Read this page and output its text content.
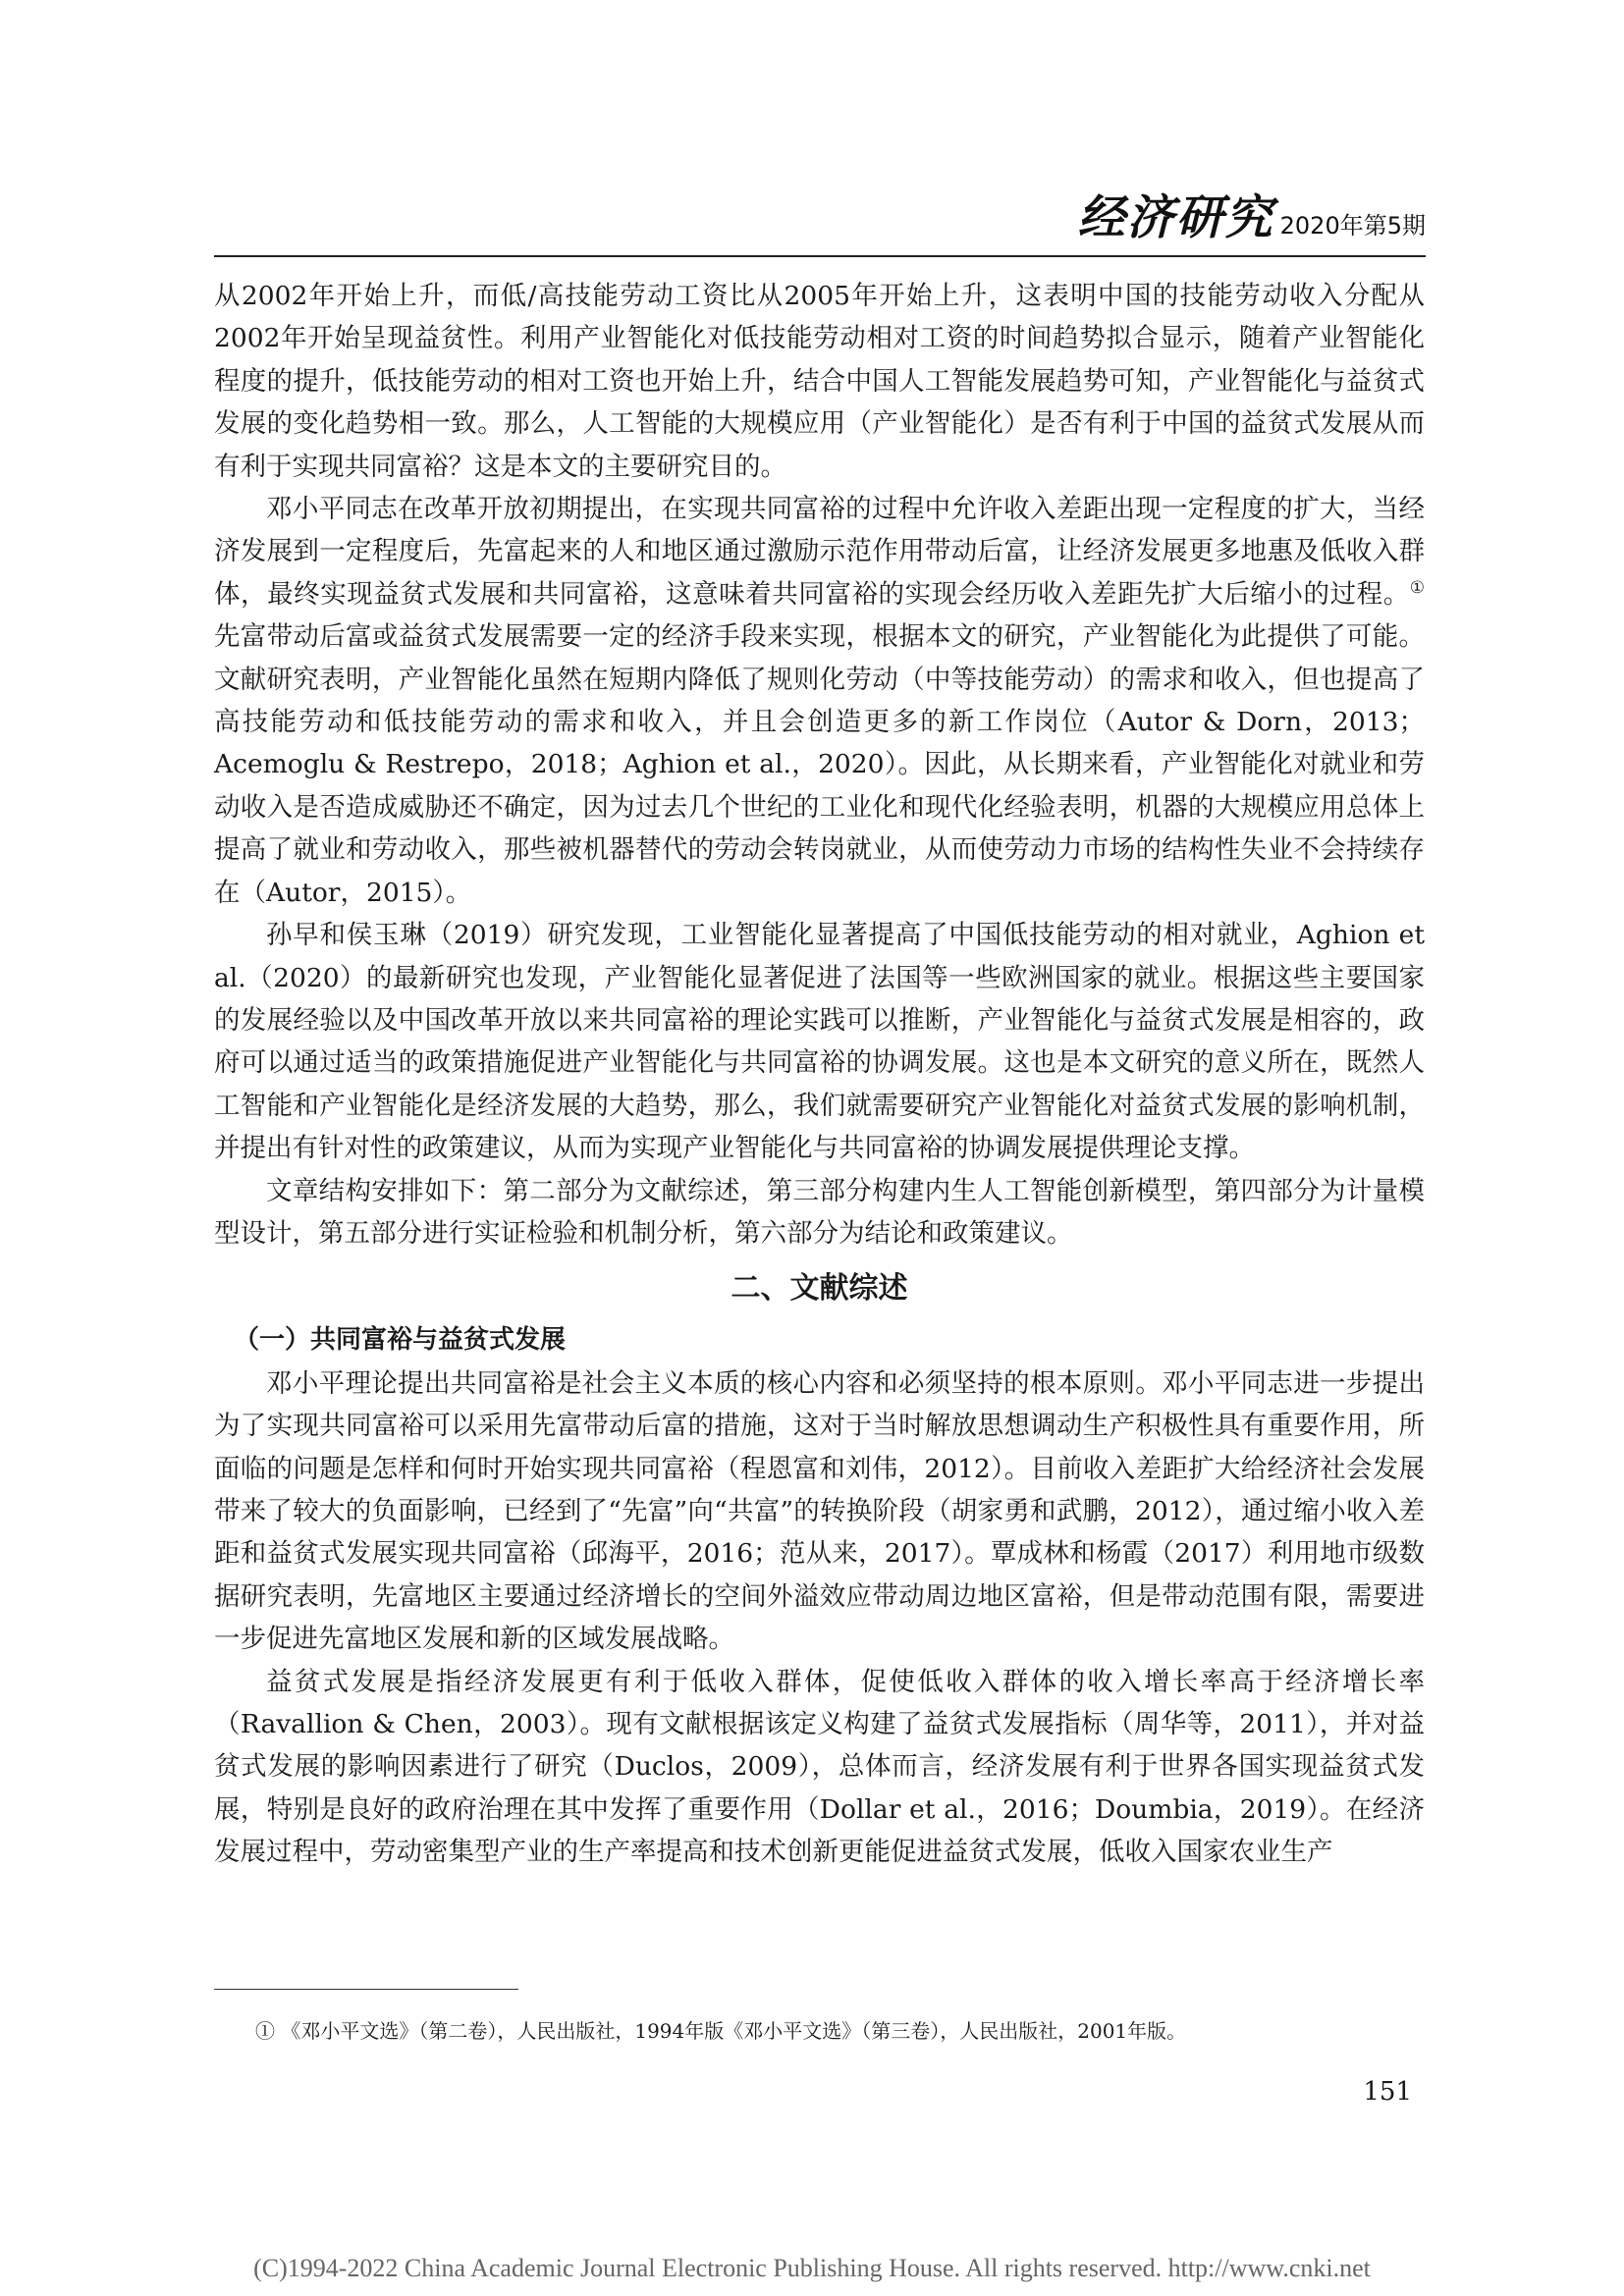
经济研究 2020年第5期

从2002年开始上升，而低/高技能劳动工资比从2005年开始上升，这表明中国的技能劳动收入分配从2002年开始呈现益贫性。利用产业智能化对低技能劳动相对工资的时间趋势拟合显示，随着产业智能化程度的提升，低技能劳动的相对工资也开始上升，结合中国人工智能发展趋势可知，产业智能化与益贫式发展的变化趋势相一致。那么，人工智能的大规模应用（产业智能化）是否有利于中国的益贫式发展从而有利于实现共同富裕？这是本文的主要研究目的。

邓小平同志在改革开放初期提出，在实现共同富裕的过程中允许收入差距出现一定程度的扩大，当经济发展到一定程度后，先富起来的人和地区通过激励示范作用带动后富，让经济发展更多地惠及低收入群体，最终实现益贫式发展和共同富裕，这意味着共同富裕的实现会经历收入差距先扩大后缩小的过程。① 先富带动后富或益贫式发展需要一定的经济手段来实现，根据本文的研究，产业智能化为此提供了可能。文献研究表明，产业智能化虽然在短期内降低了规则化劳动（中等技能劳动）的需求和收入，但也提高了高技能劳动和低技能劳动的需求和收入，并且会创造更多的新工作岗位（Autor & Dorn，2013；Acemoglu & Restrepo，2018；Aghion et al.，2020）。因此，从长期来看，产业智能化对就业和劳动收入是否造成威胁还不确定，因为过去几个世纪的工业化和现代化经验表明，机器的大规模应用总体上提高了就业和劳动收入，那些被机器替代的劳动会转岗就业，从而使劳动力市场的结构性失业不会持续存在（Autor，2015）。

孙早和侯玉琳（2019）研究发现，工业智能化显著提高了中国低技能劳动的相对就业，Aghion et al.（2020）的最新研究也发现，产业智能化显著促进了法国等一些欧洲国家的就业。根据这些主要国家的发展经验以及中国改革开放以来共同富裕的理论实践可以推断，产业智能化与益贫式发展是相容的，政府可以通过适当的政策措施促进产业智能化与共同富裕的协调发展。这也是本文研究的意义所在，既然人工智能和产业智能化是经济发展的大趋势，那么，我们就需要研究产业智能化对益贫式发展的影响机制，并提出有针对性的政策建议，从而为实现产业智能化与共同富裕的协调发展提供理论支撑。

文章结构安排如下：第二部分为文献综述，第三部分构建内生人工智能创新模型，第四部分为计量模型设计，第五部分进行实证检验和机制分析，第六部分为结论和政策建议。

二、文献综述
（一）共同富裕与益贫式发展

邓小平理论提出共同富裕是社会主义本质的核心内容和必须坚持的根本原则。邓小平同志进一步提出为了实现共同富裕可以采用先富带动后富的措施，这对于当时解放思想调动生产积极性具有重要作用，所面临的问题是怎样和何时开始实现共同富裕（程恩富和刘伟，2012）。目前收入差距扩大给经济社会发展带来了较大的负面影响，已经到了“先富”向“共富”的转换阶段（胡家勇和武鹏，2012），通过缩小收入差距和益贫式发展实现共同富裕（邱海平，2016；范从来，2017）。覃成林和杨霞（2017）利用地市级数据研究表明，先富地区主要通过经济增长的空间外溢效应带动周边地区富裕，但是带动范围有限，需要进一步促进先富地区发展和新的区域发展战略。

益贫式发展是指经济发展更有利于低收入群体，促使低收入群体的收入增长率高于经济增长率（Ravallion & Chen，2003）。现有文献根据该定义构建了益贫式发展指标（周华等，2011），并对益贫式发展的影响因素进行了研究（Duclos，2009），总体而言，经济发展有利于世界各国实现益贫式发展，特别是良好的政府治理在其中发挥了重要作用（Dollar et al.，2016；Doumbia，2019）。在经济发展过程中，劳动密集型产业的生产率提高和技术创新更能促进益贫式发展，低收入国家农业生产

① 《邓小平文选》（第二卷），人民出版社，1994年版《邓小平文选》（第三卷），人民出版社，2001年版。
151
(C)1994-2022 China Academic Journal Electronic Publishing House. All rights reserved. http://www.cnki.net
